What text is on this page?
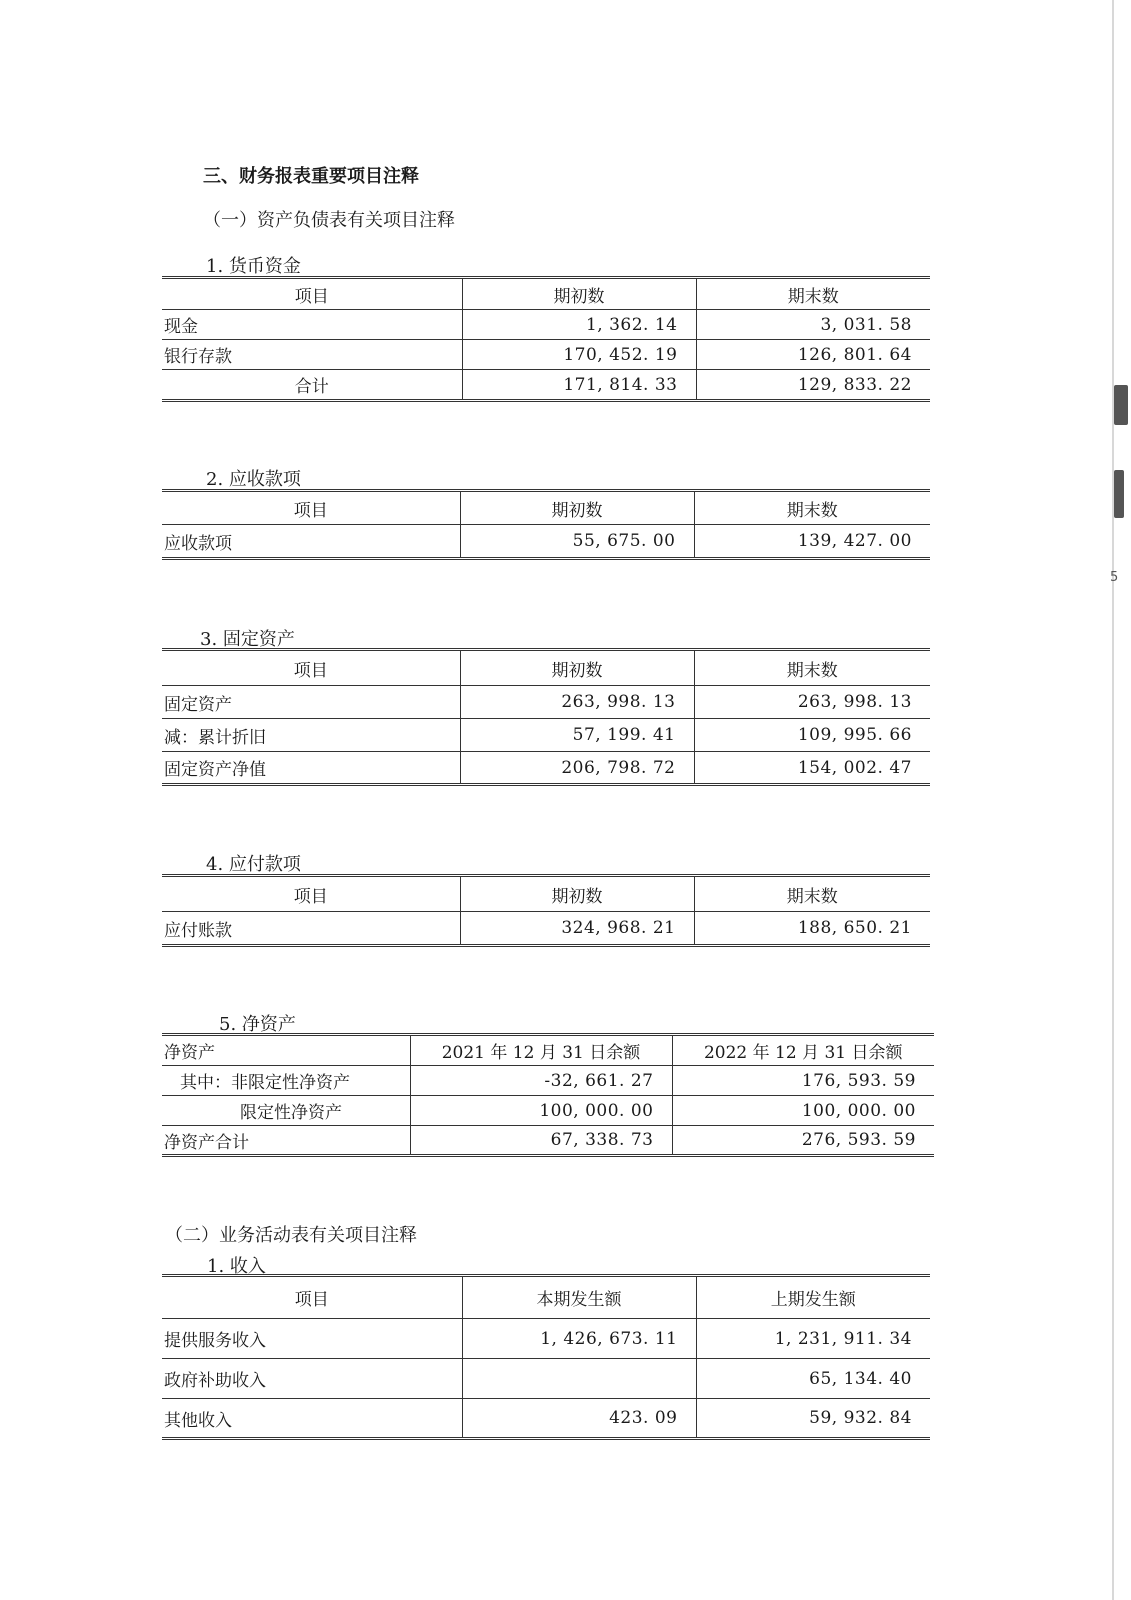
5
三、财务报表重要项目注释
（一）资产负债表有关项目注释
1. 货币资金
项目	期初数	期末数
现金	1, 362. 14	3, 031. 58
银行存款	170, 452. 19	126, 801. 64
合计	171, 814. 33	129, 833. 22
2. 应收款项
项目	期初数	期末数
应收款项	55, 675. 00	139, 427. 00
3. 固定资产
项目	期初数	期末数
固定资产	263, 998. 13	263, 998. 13
减：累计折旧	57, 199. 41	109, 995. 66
固定资产净值	206, 798. 72	154, 002. 47
4. 应付款项
项目	期初数	期末数
应付账款	324, 968. 21	188, 650. 21
5. 净资产
净资产	2021 年 12 月 31 日余额	2022 年 12 月 31 日余额
其中：非限定性净资产	-32, 661. 27	176, 593. 59
限定性净资产	100, 000. 00	100, 000. 00
净资产合计	67, 338. 73	276, 593. 59
（二）业务活动表有关项目注释
1. 收入
项目	本期发生额	上期发生额
提供服务收入	1, 426, 673. 11	1, 231, 911. 34
政府补助收入		65, 134. 40
其他收入	423. 09	59, 932. 84
